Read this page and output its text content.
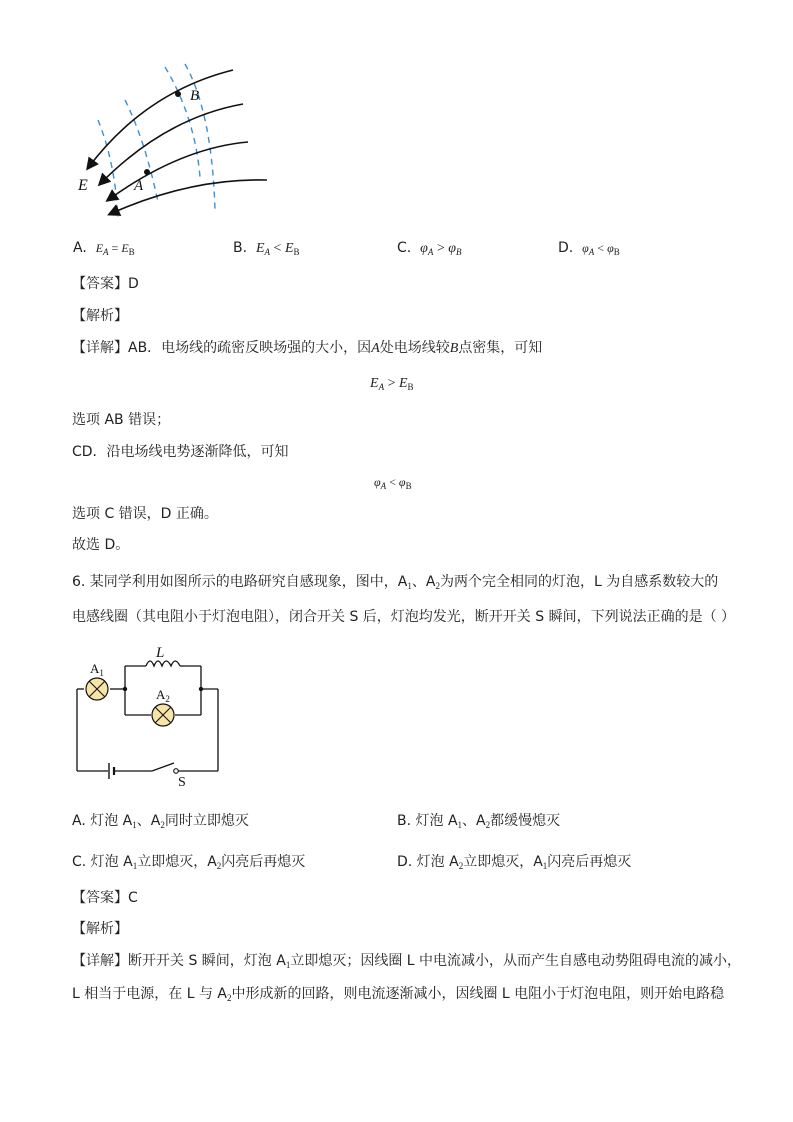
B
A
E
A. $E_A = E_B$	B. $E_A < E_B$	C. $\varphi_A > \varphi_B$	D. $\varphi_A < \varphi_B$
【答案】D
【解析】
【详解】AB．电场线的疏密反映场强的大小，因A处电场线较B点密集，可知
$E_A > E_B$
选项 AB 错误；
CD．沿电场线电势逐渐降低，可知
$\varphi_A < \varphi_B$
选项 C 错误，D 正确。
故选 D。
6. 某同学利用如图所示的电路研究自感现象，图中，$A_1$、$A_2$为两个完全相同的灯泡，L 为自感系数较大的
电感线圈（其电阻小于灯泡电阻），闭合开关 S 后，灯泡均发光，断开开关 S 瞬间，下列说法正确的是（ ）
L
$A_1$
$A_2$
S
A. 灯泡 $A_1$、$A_2$同时立即熄灭	B. 灯泡 $A_1$、$A_2$都缓慢熄灭
C. 灯泡 $A_1$立即熄灭，$A_2$闪亮后再熄灭	D. 灯泡 $A_2$立即熄灭，$A_1$闪亮后再熄灭
【答案】C
【解析】
【详解】断开开关 S 瞬间，灯泡 $A_1$立即熄灭；因线圈 L 中电流减小，从而产生自感电动势阻碍电流的减小，
L 相当于电源，在 L 与 $A_2$中形成新的回路，则电流逐渐减小，因线圈 L 电阻小于灯泡电阻，则开始电路稳
